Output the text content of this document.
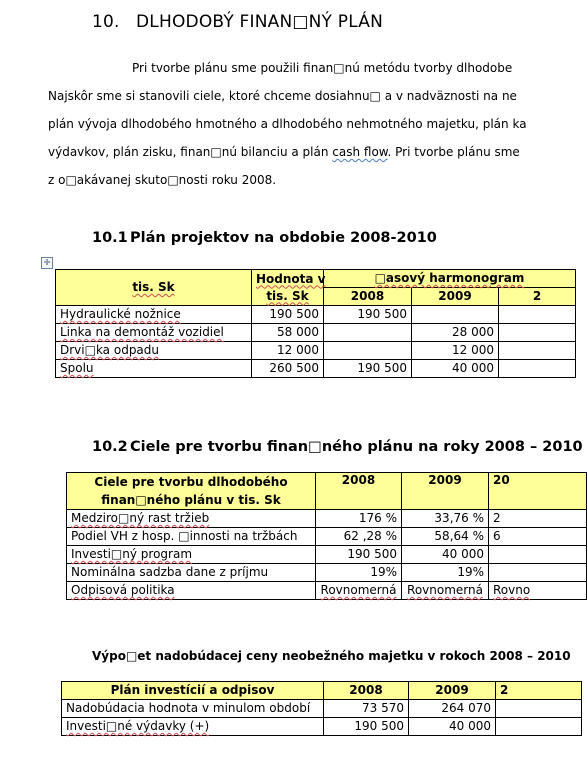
10. DLHODOBÝ FINAN□NÝ PLÁN
Pri tvorbe plánu sme použili finan□nú metódu tvorby dlhodobe
Najskôr sme si stanovili ciele, ktoré chceme dosiahnu□ a v nadväznosti na ne
plán vývoja dlhodobého hmotného a dlhodobého nehmotného majetku, plán ka
výdavkov, plán zisku, finan□nú bilanciu a plán cash flow. Pri tvorbe plánu sme
z o□akávanej skuto□nosti roku 2008.
10.1 Plán projektov na obdobie 2008-2010
✛
tis. Sk	Hodnota v
tis. Sk	□asový harmonogram		
		2008	2009	2
Hydraulické nožnice	190 500	190 500		
Linka na demontáž vozidiel	58 000		28 000	
Drvi□ka odpadu	12 000		12 000	
Spolu	260 500	190 500	40 000	
10.2 Ciele pre tvorbu finan□ného plánu na roky 2008 – 2010
Ciele pre tvorbu dlhodobého
finan□ného plánu v tis. Sk	2008	2009	20
Medziro□ný rast tržieb	176 %	33,76 %	2
Podiel VH z hosp. □innosti na tržbách	62 ,28 %	58,64 %	6
Investi□ný program	190 500	40 000	
Nominálna sadzba dane z príjmu	19%	19%	
Odpisová politika	Rovnomerná	Rovnomerná	Rovno
Výpo□et nadobúdacej ceny neobežného majetku v rokoch 2008 – 2010
Plán investícií a odpisov	2008	2009	2
Nadobúdacia hodnota v minulom období	73 570	264 070	
Investi□né výdavky (+)	190 500	40 000	
